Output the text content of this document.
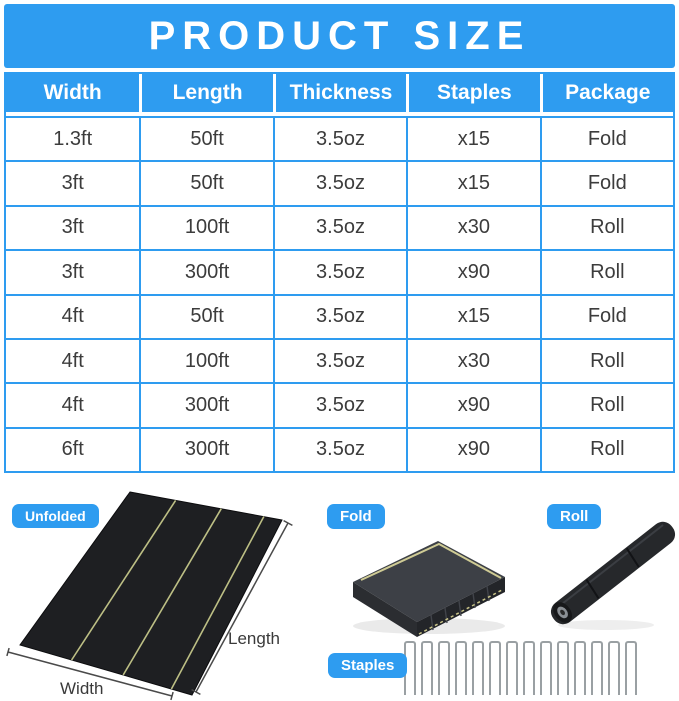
PRODUCT SIZE
Width	Length	Thickness	Staples	Package
1.3ft	50ft	3.5oz	x15	Fold
3ft	50ft	3.5oz	x15	Fold
3ft	100ft	3.5oz	x30	Roll
3ft	300ft	3.5oz	x90	Roll
4ft	50ft	3.5oz	x15	Fold
4ft	100ft	3.5oz	x30	Roll
4ft	300ft	3.5oz	x90	Roll
6ft	300ft	3.5oz	x90	Roll
Length
Width
Unfolded	Fold	Roll
Staples
